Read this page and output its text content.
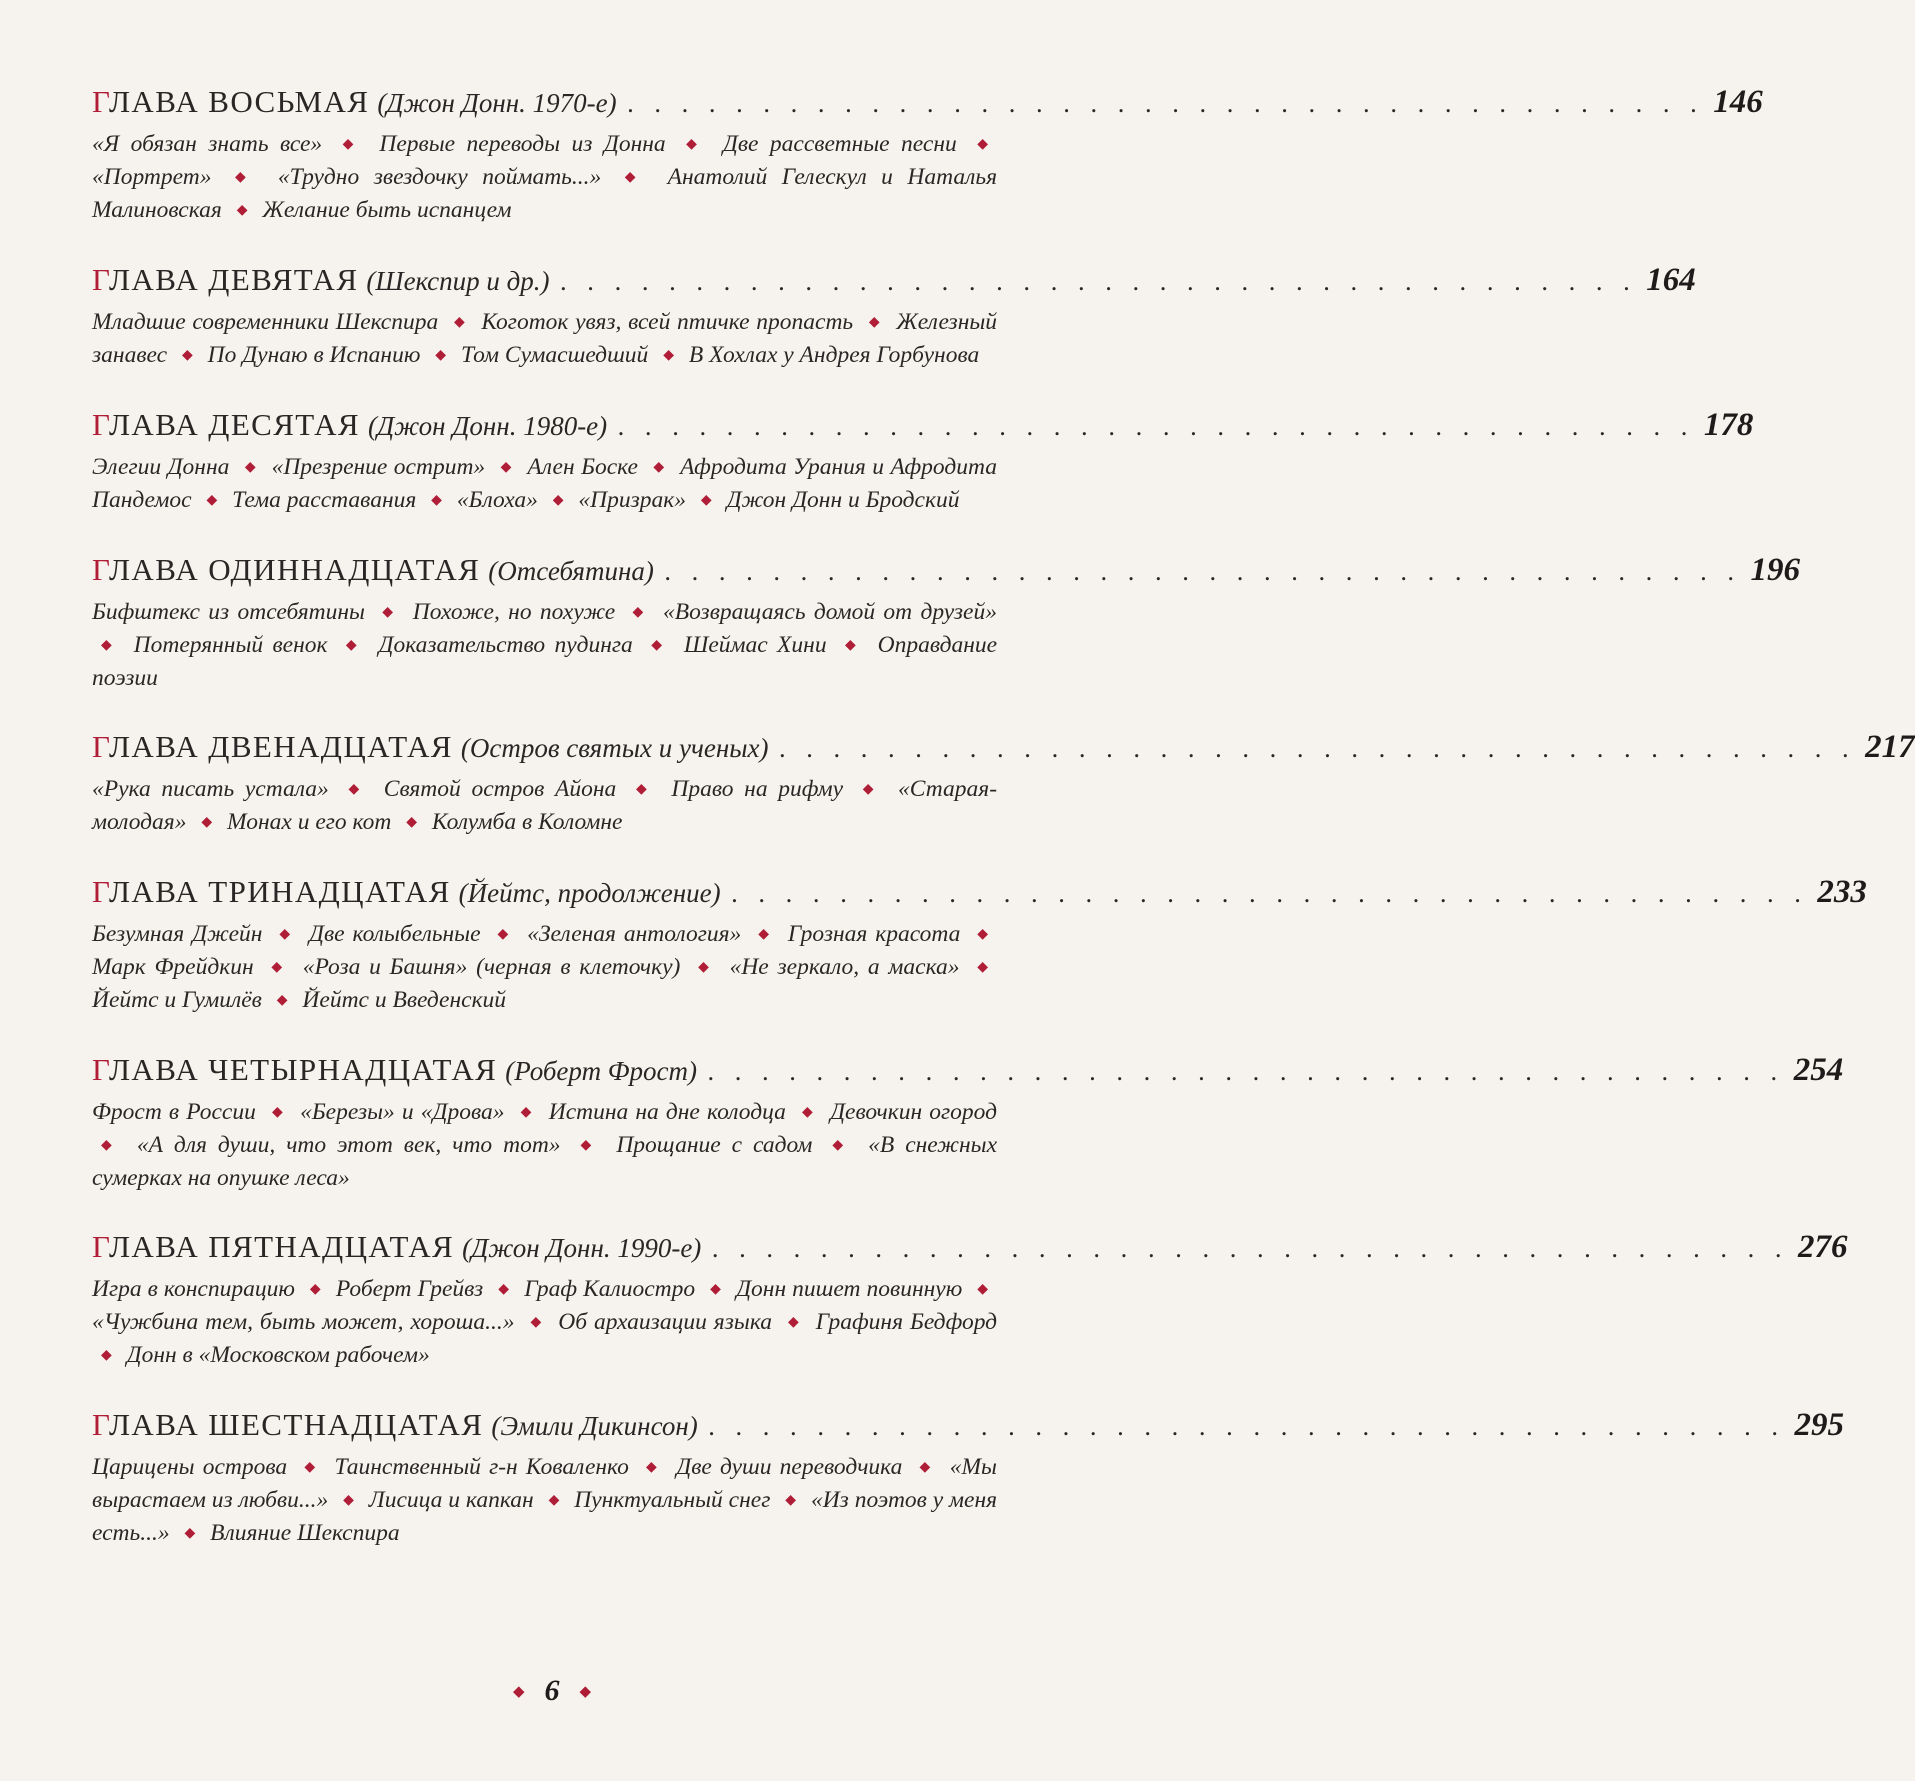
ГЛАВА ВОСЬМАЯ (Джон Донн. 1970-е) . . . . . . . . . . . . . . . . . . . . . . . . . . . . . . . . . . . . . . . . 146
«Я обязан знать все» ◆ Первые переводы из Донна ◆ Две рассветные песни ◆ «Портрет» ◆ «Трудно звездочку поймать...» ◆ Анатолий Гелескул и Наталья Малиновская ◆ Желание быть испанцем
ГЛАВА ДЕВЯТАЯ (Шекспир и др.) . . . . . . . . . . . . . . . . . . . . . . . . . . . . . . . . . . . . . . . . 164
Младшие современники Шекспира ◆ Коготок увяз, всей птичке пропасть ◆ Железный занавес ◆ По Дунаю в Испанию ◆ Том Сумасшедший ◆ В Хохлах у Андрея Горбунова
ГЛАВА ДЕСЯТАЯ (Джон Донн. 1980-е) . . . . . . . . . . . . . . . . . . . . . . . . . . . . . . . . . . . . . . . . 178
Элегии Донна ◆ «Презрение острит» ◆ Ален Боске ◆ Афродита Урания и Афродита Пандемос ◆ Тема расставания ◆ «Блоха» ◆ «Призрак» ◆ Джон Донн и Бродский
ГЛАВА ОДИННАДЦАТАЯ (Отсебятина) . . . . . . . . . . . . . . . . . . . . . . . . . . . . . . . . . . . . . . . . 196
Бифштекс из отсебятины ◆ Похоже, но похуже ◆ «Возвращаясь домой от друзей» ◆ Потерянный венок ◆ Доказательство пудинга ◆ Шеймас Хини ◆ Оправдание поэзии
ГЛАВА ДВЕНАДЦАТАЯ (Остров святых и ученых) . . . . . . . . . . . . . . . . . . . . . . . . . . . . . . . . . . . . . . . . 217
«Рука писать устала» ◆ Святой остров Айона ◆ Право на рифму ◆ «Старая-молодая» ◆ Монах и его кот ◆ Колумба в Коломне
ГЛАВА ТРИНАДЦАТАЯ (Йейтс, продолжение) . . . . . . . . . . . . . . . . . . . . . . . . . . . . . . . . . . . . . . . . 233
Безумная Джейн ◆ Две колыбельные ◆ «Зеленая антология» ◆ Грозная красота ◆ Марк Фрейдкин ◆ «Роза и Башня» (черная в клеточку) ◆ «Не зеркало, а маска» ◆ Йейтс и Гумилёв ◆ Йейтс и Введенский
ГЛАВА ЧЕТЫРНАДЦАТАЯ (Роберт Фрост) . . . . . . . . . . . . . . . . . . . . . . . . . . . . . . . . . . . . . . . . 254
Фрост в России ◆ «Березы» и «Дрова» ◆ Истина на дне колодца ◆ Девочкин огород ◆ «А для души, что этот век, что тот» ◆ Прощание с садом ◆ «В снежных сумерках на опушке леса»
ГЛАВА ПЯТНАДЦАТАЯ (Джон Донн. 1990-е) . . . . . . . . . . . . . . . . . . . . . . . . . . . . . . . . . . . . . . . . 276
Игра в конспирацию ◆ Роберт Грейвз ◆ Граф Калиостро ◆ Донн пишет повинную ◆ «Чужбина тем, быть может, хороша...» ◆ Об архаизации языка ◆ Графиня Бедфорд ◆ Донн в «Московском рабочем»
ГЛАВА ШЕСТНАДЦАТАЯ (Эмили Дикинсон) . . . . . . . . . . . . . . . . . . . . . . . . . . . . . . . . . . . . . . . . 295
Царицены острова ◆ Таинственный г-н Коваленко ◆ Две души переводчика ◆ «Мы вырастаем из любви...» ◆ Лисица и капкан ◆ Пунктуальный снег ◆ «Из поэтов у меня есть...» ◆ Влияние Шекспира
◆ 6 ◆
